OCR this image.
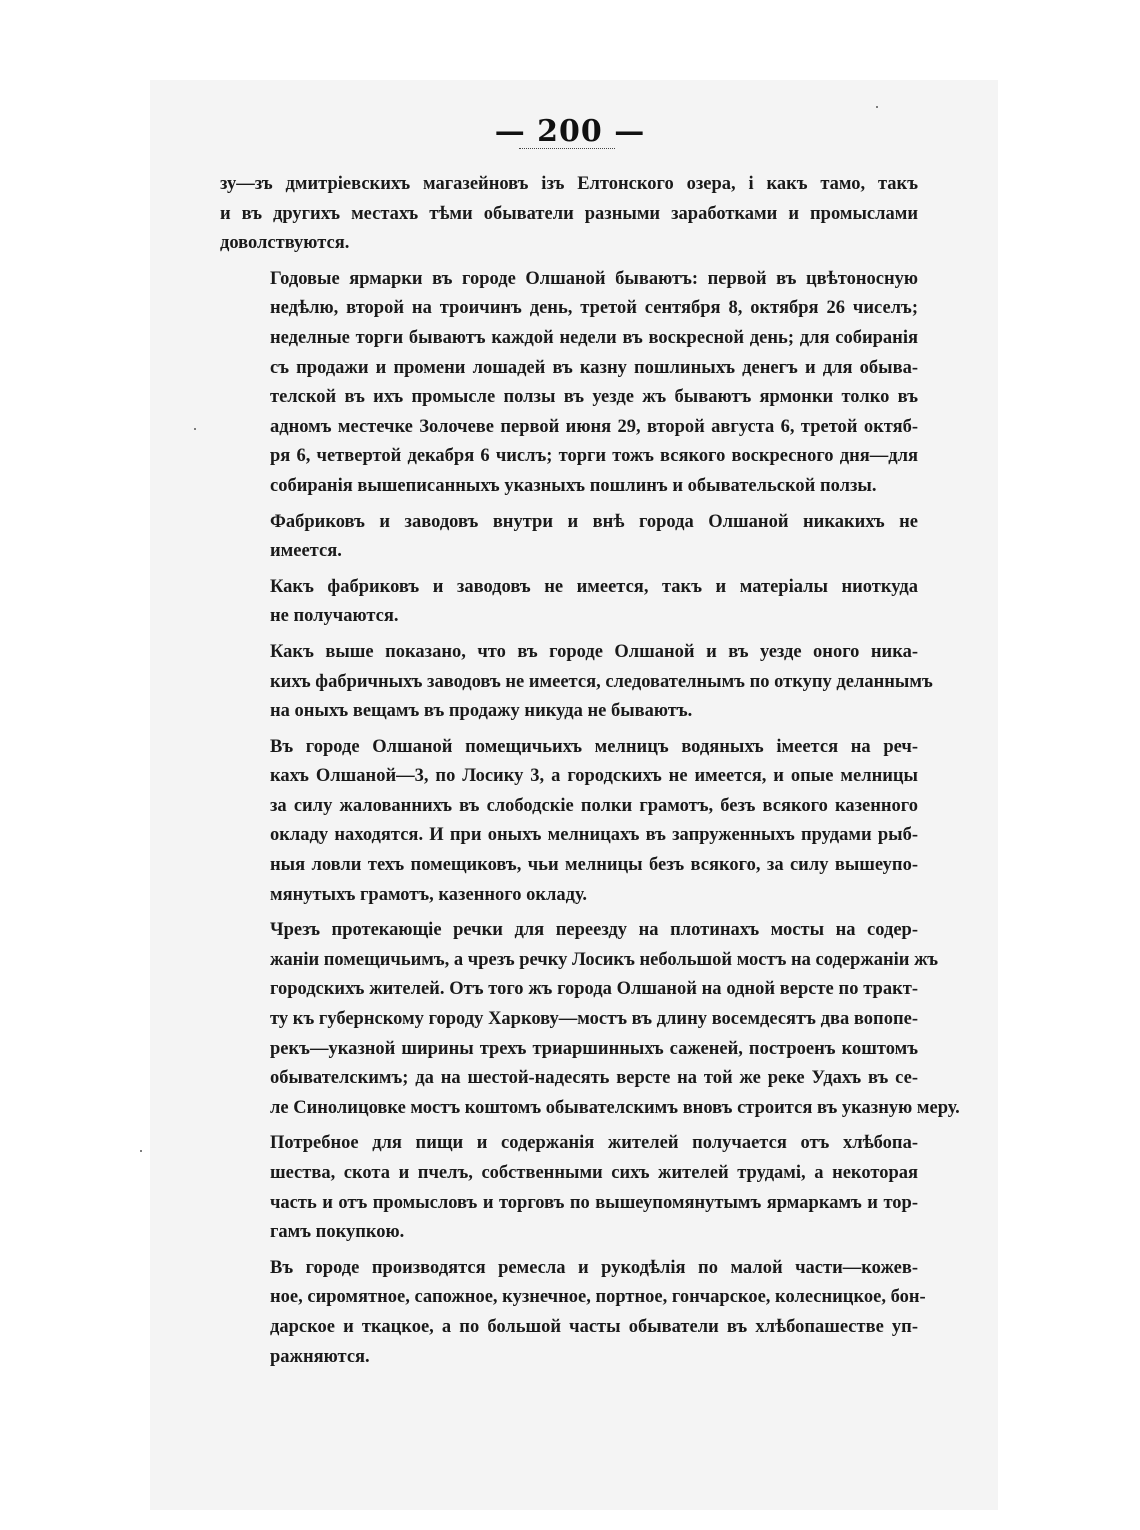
— 200 —
зу—зъ дмитріевскихъ магазейновъ ізъ Елтонского озера, і какъ тамо, такъ
и въ другихъ местахъ тѣми обыватели разными заработками и промыслами
доволствуются.
Годовые ярмарки въ городе Олшаной бываютъ: первой въ цвѣтоносную
недѣлю, второй на троичинъ день, третой сентября 8, октября 26 чиселъ;
неделные торги бываютъ каждой недели въ воскресной день; для собиранія
съ продажи и промени лошадей въ казну пошлиныхъ денегъ и для обыва-
телской въ ихъ промысле ползы въ уезде жъ бываютъ ярмонки толко въ
адномъ местечке Золочеве первой июня 29, второй августа 6, третой октяб-
ря 6, четвертой декабря 6 числъ; торги тожъ всякого воскресного дня—для
собиранія вышеписанныхъ указныхъ пошлинъ и обывательской ползы.
Фабриковъ и заводовъ внутри и внѣ города Олшаной никакихъ не
имеется.
Какъ фабриковъ и заводовъ не имеется, такъ и матеріалы ниоткуда
не получаются.
Какъ выше показано, что въ городе Олшаной и въ уезде оного ника-
кихъ фабричныхъ заводовъ не имеется, следователнымъ по откупу деланнымъ
на оныхъ вещамъ въ продажу никуда не бываютъ.
Въ городе Олшаной помещичьихъ мелницъ водяныхъ імеется на реч-
кахъ Олшаной—3, по Лосику 3, а городскихъ не имеется, и опые мелницы
за силу жалованнихъ въ слободскіе полки грамотъ, безъ всякого казенного
окладу находятся. И при оныхъ мелницахъ въ запруженныхъ прудами рыб-
ныя ловли техъ помещиковъ, чьи мелницы безъ всякого, за силу вышеупо-
мянутыхъ грамотъ, казенного окладу.
Чрезъ протекающіе речки для переезду на плотинахъ мосты на содер-
жаніи помещичьимъ, а чрезъ речку Лосикъ небольшой мостъ на содержаніи жъ
городскихъ жителей. Отъ того жъ города Олшаной на одной версте по тракт-
ту къ губернскому городу Харкову—мостъ въ длину восемдесятъ два вопопе-
рекъ—указной ширины трехъ триаршинныхъ саженей, построенъ коштомъ
обывателскимъ; да на шестой-надесять версте на той же реке Удахъ въ се-
ле Синолицовке мостъ коштомъ обывателскимъ вновъ строится въ указную меру.
Потребное для пищи и содержанія жителей получается отъ хлѣбопа-
шества, скота и пчелъ, собственными сихъ жителей трудамі, а некоторая
часть и отъ промысловъ и торговъ по вышеупомянутымъ ярмаркамъ и тор-
гамъ покупкою.
Въ городе производятся ремесла и рукодѣлія по малой части—кожев-
ное, сиромятное, сапожное, кузнечное, портное, гончарское, колесницкое, бон-
дарское и ткацкое, а по большой часты обыватели въ хлѣбопашестве уп-
ражняются.
